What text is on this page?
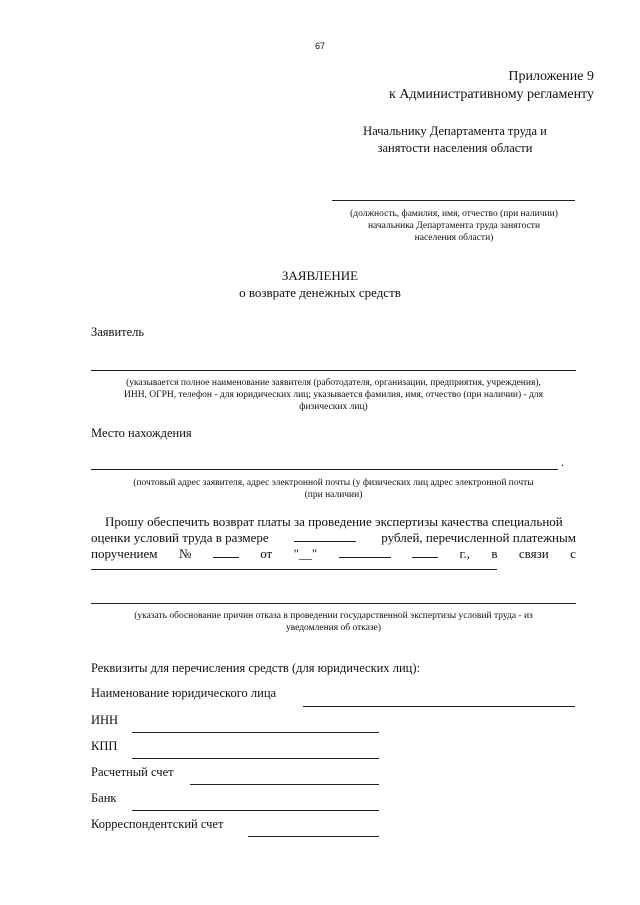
67
Приложение 9
к Административному регламенту
Начальнику Департамента труда и
занятости населения области
(должность, фамилия, имя, отчество (при наличии)
начальника Департамента труда занятости
населения области)
ЗАЯВЛЕНИЕ
о возврате денежных средств
Заявитель
(указывается полное наименование заявителя (работодателя, организации, предприятия, учреждения),
ИНН, ОГРН, телефон - для юридических лиц; указывается фамилия, имя, отчество (при наличии) - для
физических лиц)
Место нахождения
.
(почтовый адрес заявителя, адрес электронной почты (у физических лиц адрес электронной почты
(при наличии)
Прошу обеспечить возврат платы за проведение экспертизы качества специальной
оценки условий труда в размере	рублей, перечисленной платежным
поручением №	от "__"	г., в связи с
(указать обоснование причин отказа в проведении государственной экспертизы условий труда - из
уведомления об отказе)
Реквизиты для перечисления средств (для юридических лиц):
Наименование юридического лица
ИНН
КПП
Расчетный счет
Банк
Корреспондентский счет
